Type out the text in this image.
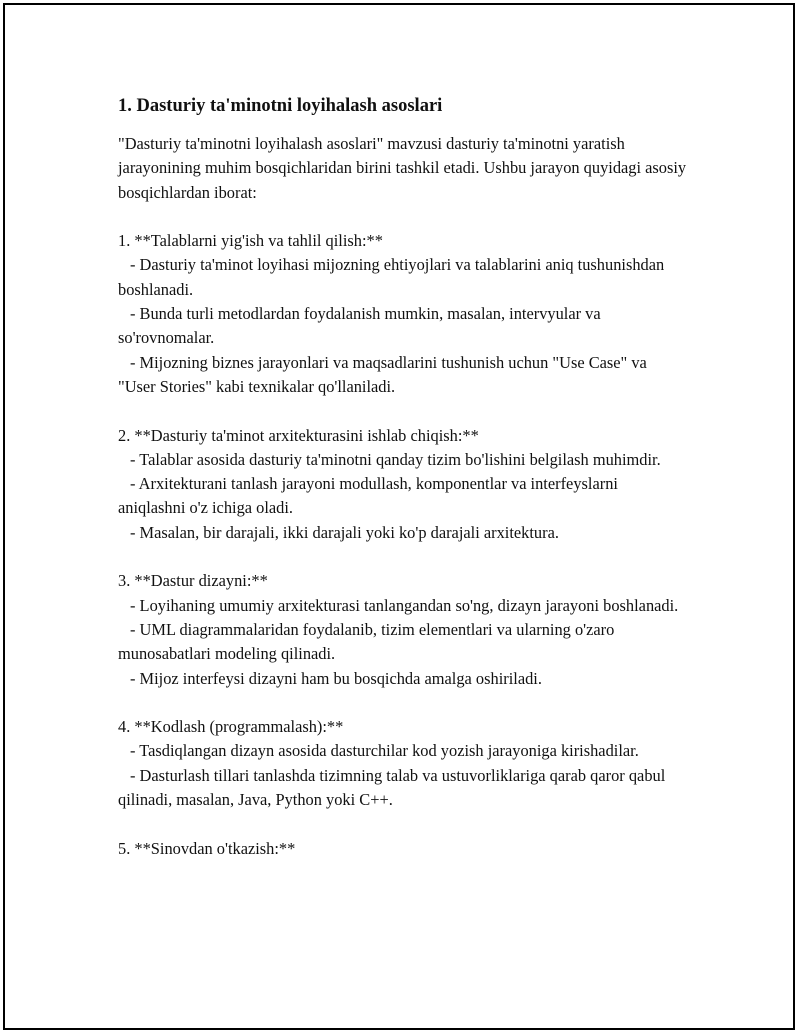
1. Dasturiy ta'minotni loyihalash asoslari

"Dasturiy ta'minotni loyihalash asoslari" mavzusi dasturiy ta'minotni yaratish jarayonining muhim bosqichlaridan birini tashkil etadi. Ushbu jarayon quyidagi asosiy bosqichlardan iborat:

1. **Talablarni yig'ish va tahlil qilish:**
- Dasturiy ta'minot loyihasi mijozning ehtiyojlari va talablarini aniq tushunishdan boshlanadi.
- Bunda turli metodlardan foydalanish mumkin, masalan, intervyular va so'rovnomalar.
- Mijozning biznes jarayonlari va maqsadlarini tushunish uchun "Use Case" va "User Stories" kabi texnikalar qo'llaniladi.
2. **Dasturiy ta'minot arxitekturasini ishlab chiqish:**
- Talablar asosida dasturiy ta'minotni qanday tizim bo'lishini belgilash muhimdir.
- Arxitekturani tanlash jarayoni modullash, komponentlar va interfeyslarni aniqlashni o'z ichiga oladi.
- Masalan, bir darajali, ikki darajali yoki ko'p darajali arxitektura.
3. **Dastur dizayni:**
- Loyihaning umumiy arxitekturasi tanlangandan so'ng, dizayn jarayoni boshlanadi.
- UML diagrammalaridan foydalanib, tizim elementlari va ularning o'zaro munosabatlari modeling qilinadi.
- Mijoz interfeysi dizayni ham bu bosqichda amalga oshiriladi.
4. **Kodlash (programmalash):**
- Tasdiqlangan dizayn asosida dasturchilar kod yozish jarayoniga kirishadilar.
- Dasturlash tillari tanlashda tizimning talab va ustuvorliklariga qarab qaror qabul qilinadi, masalan, Java, Python yoki C++.
5. **Sinovdan o'tkazish:**
